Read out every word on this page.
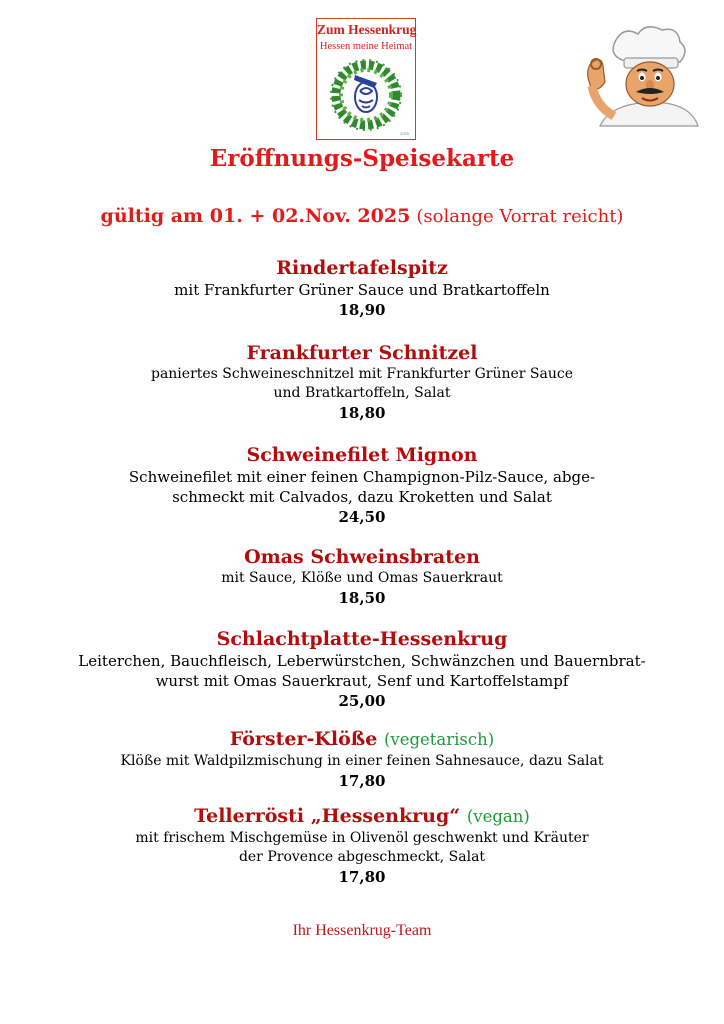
Zum Hessenkrug
Hessen meine Heimat
2025
Eröffnungs-Speisekarte
gültig am 01. + 02.Nov. 2025 (solange Vorrat reicht)
Rindertafelspitz
mit Frankfurter Grüner Sauce und Bratkartoffeln
18,90
Frankfurter Schnitzel
paniertes Schweineschnitzel mit Frankfurter Grüner Sauce
und Bratkartoffeln, Salat
18,80
Schweinefilet Mignon
Schweinefilet mit einer feinen Champignon-Pilz-Sauce, abge-
schmeckt mit Calvados, dazu Kroketten und Salat
24,50
Omas Schweinsbraten
mit Sauce, Klöße und Omas Sauerkraut
18,50
Schlachtplatte-Hessenkrug
Leiterchen, Bauchfleisch, Leberwürstchen, Schwänzchen und Bauernbrat-
wurst mit Omas Sauerkraut, Senf und Kartoffelstampf
25,00
Förster-Klöße (vegetarisch)
Klöße mit Waldpilzmischung in einer feinen Sahnesauce, dazu Salat
17,80
Tellerrösti „Hessenkrug“ (vegan)
mit frischem Mischgemüse in Olivenöl geschwenkt und Kräuter
der Provence abgeschmeckt, Salat
17,80
Ihr Hessenkrug-Team
